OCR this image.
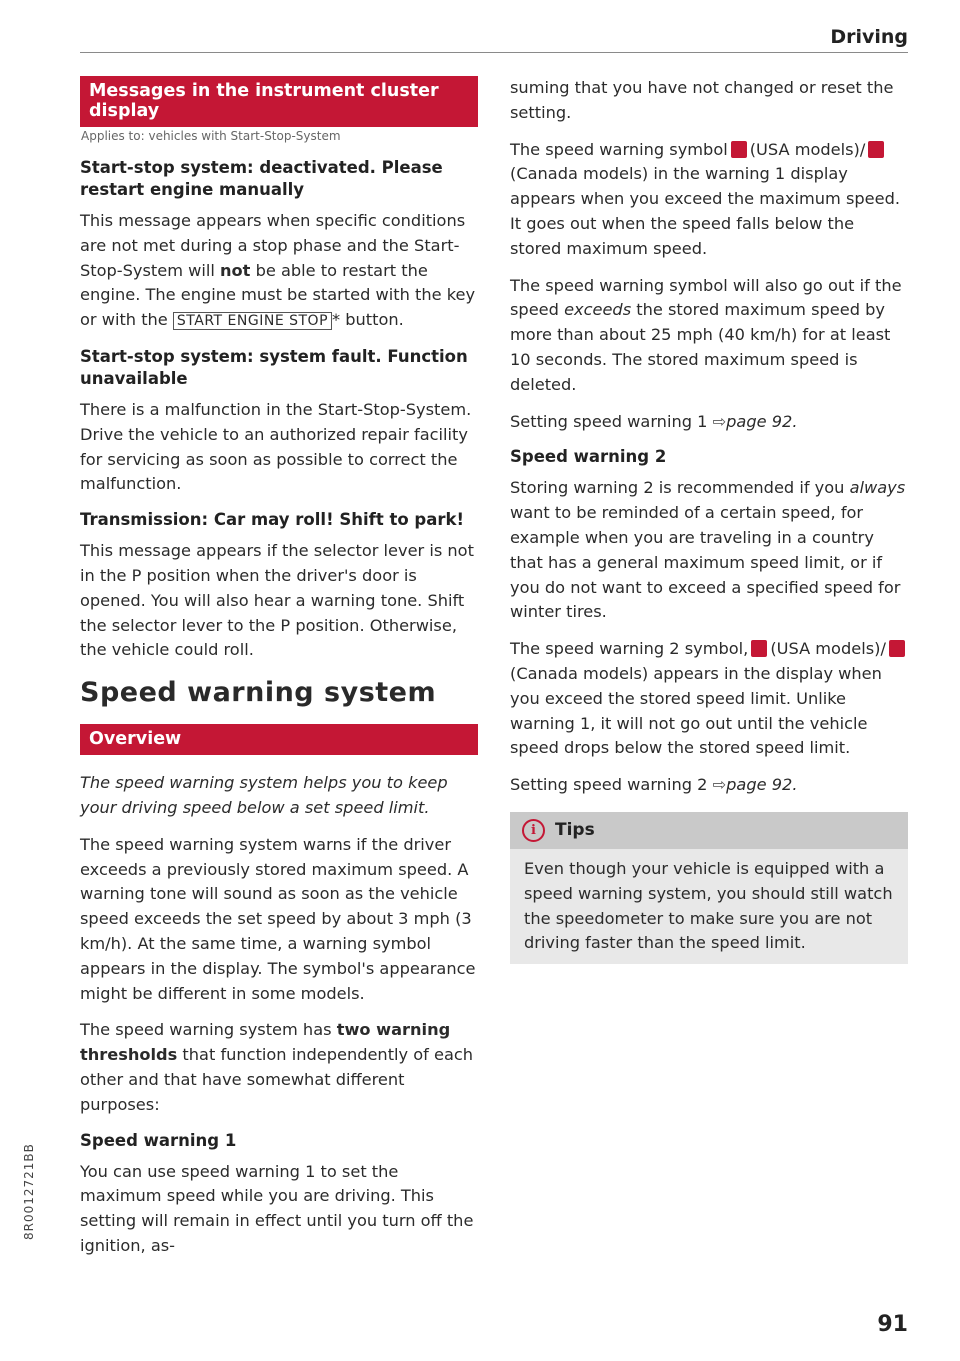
Driving
Messages in the instrument cluster display
Applies to: vehicles with Start-Stop-System
Start-stop system: deactivated. Please restart engine manually

This message appears when specific conditions are not met during a stop phase and the Start-Stop-System will not be able to restart the engine. The engine must be started with the key or with the START ENGINE STOP * button.

Start-stop system: system fault. Function unavailable

There is a malfunction in the Start-Stop-System. Drive the vehicle to an authorized repair facility for servicing as soon as possible to correct the malfunction.

Transmission: Car may roll! Shift to park!

This message appears if the selector lever is not in the P position when the driver's door is opened. You will also hear a warning tone. Shift the selector lever to the P position. Otherwise, the vehicle could roll.

Speed warning system
Overview

The speed warning system helps you to keep your driving speed below a set speed limit.

The speed warning system warns if the driver exceeds a previously stored maximum speed. A warning tone will sound as soon as the vehicle speed exceeds the set speed by about 3 mph (3 km/h). At the same time, a warning symbol appears in the display. The symbol's appearance might be different in some models.

The speed warning system has two warning thresholds that function independently of each other and that have somewhat different purposes:

Speed warning 1

You can use speed warning 1 to set the maximum speed while you are driving. This setting will remain in effect until you turn off the ignition, as-

suming that you have not changed or reset the setting.

The speed warning symbol (USA models)/(Canada models) in the warning 1 display appears when you exceed the maximum speed. It goes out when the speed falls below the stored maximum speed.

The speed warning symbol will also go out if the speed exceeds the stored maximum speed by more than about 25 mph (40 km/h) for at least 10 seconds. The stored maximum speed is deleted.

Setting speed warning 1 ⇨page 92.

Speed warning 2

Storing warning 2 is recommended if you always want to be reminded of a certain speed, for example when you are traveling in a country that has a general maximum speed limit, or if you do not want to exceed a specified speed for winter tires.

The speed warning 2 symbol, (USA models)/(Canada models) appears in the display when you exceed the stored speed limit. Unlike warning 1, it will not go out until the vehicle speed drops below the stored speed limit.

Setting speed warning 2 ⇨page 92.

i	Tips

Even though your vehicle is equipped with a speed warning system, you should still watch the speedometer to make sure you are not driving faster than the speed limit.

8R0012721BB
91
